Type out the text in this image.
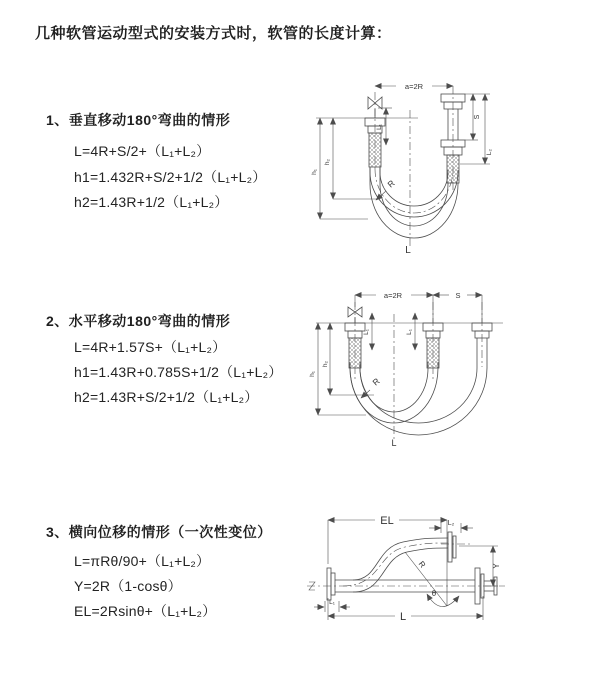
几种软管运动型式的安装方式时，软管的长度计算：
1、垂直移动180°弯曲的情形
L=4R+S/2+（L₁+L₂）
h1=1.432R+S/2+1/2（L₁+L₂）
h2=1.43R+1/2（L₁+L₂）
a=2R
R
L
h₁
h₂
L₁
S
L₂
2、水平移动180°弯曲的情形
L=4R+1.57S+（L₁+L₂）
h1=1.43R+0.785S+1/2（L₁+L₂）
h2=1.43R+S/2+1/2（L₁+L₂）
a=2R	S
L₁	L₁
R
L
h₁
h₂
3、横向位移的情形（一次性变位）
L=πRθ/90+（L₁+L₂）
Y=2R（1-cosθ）
EL=2Rsinθ+（L₁+L₂）
EL	L₂
Y
R
θ
L
L₁
